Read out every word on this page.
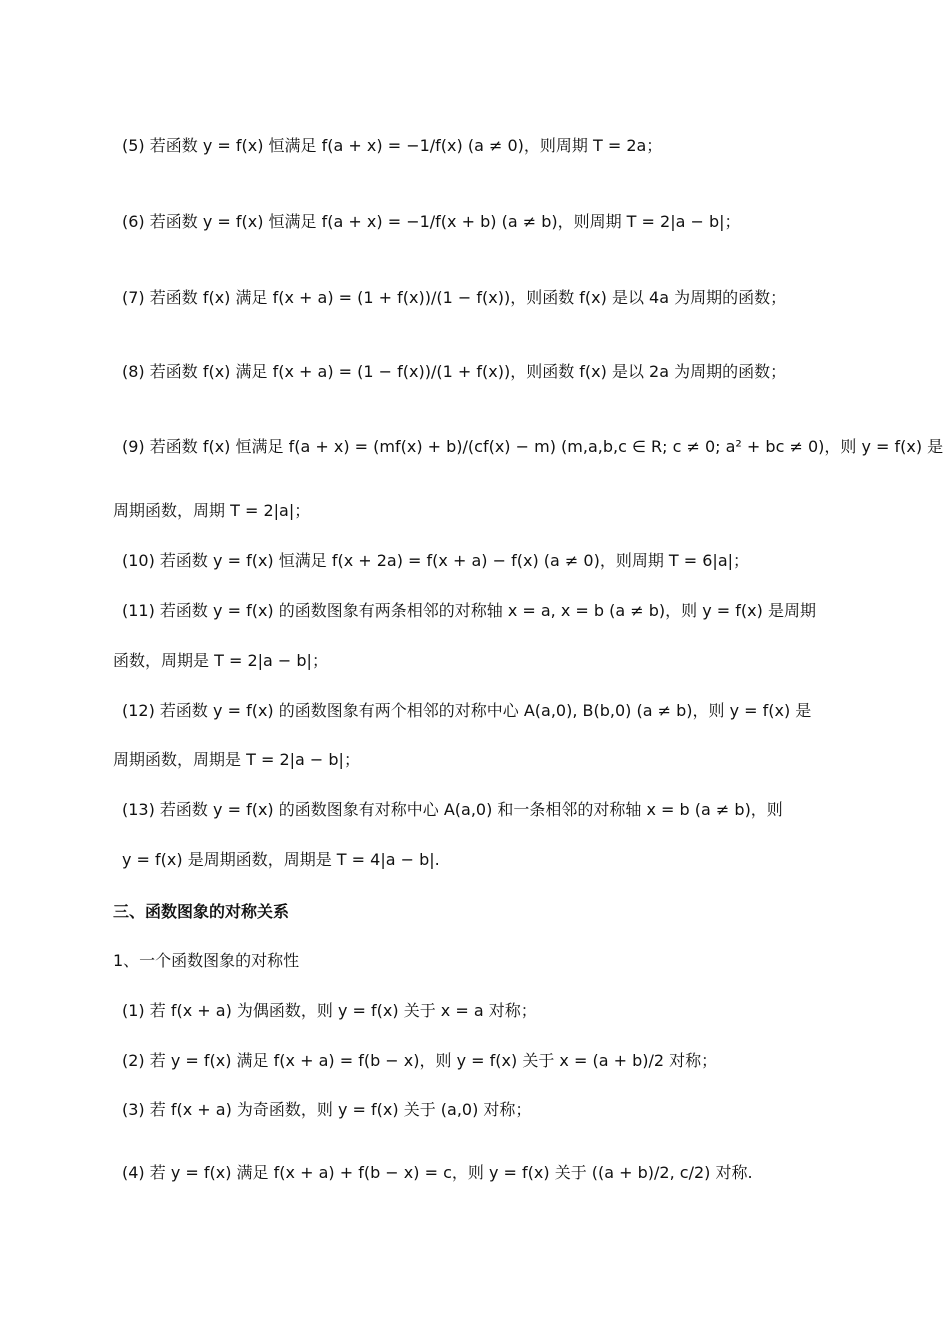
(5) 若函数 y = f(x) 恒满足 f(a + x) = −1/f(x) (a ≠ 0)，则周期 T = 2a；
(6) 若函数 y = f(x) 恒满足 f(a + x) = −1/f(x + b) (a ≠ b)，则周期 T = 2|a − b|；
(7) 若函数 f(x) 满足 f(x + a) = (1 + f(x))/(1 − f(x))，则函数 f(x) 是以 4a 为周期的函数；
(8) 若函数 f(x) 满足 f(x + a) = (1 − f(x))/(1 + f(x))，则函数 f(x) 是以 2a 为周期的函数；
(9) 若函数 f(x) 恒满足 f(a + x) = (mf(x) + b)/(cf(x) − m) (m,a,b,c ∈ R; c ≠ 0; a² + bc ≠ 0)，则 y = f(x) 是
周期函数，周期 T = 2|a|；
(10) 若函数 y = f(x) 恒满足 f(x + 2a) = f(x + a) − f(x) (a ≠ 0)，则周期 T = 6|a|；
(11) 若函数 y = f(x) 的函数图象有两条相邻的对称轴 x = a, x = b (a ≠ b)，则 y = f(x) 是周期
函数，周期是 T = 2|a − b|；
(12) 若函数 y = f(x) 的函数图象有两个相邻的对称中心 A(a,0), B(b,0) (a ≠ b)，则 y = f(x) 是
周期函数，周期是 T = 2|a − b|；
(13) 若函数 y = f(x) 的函数图象有对称中心 A(a,0) 和一条相邻的对称轴 x = b (a ≠ b)，则
y = f(x) 是周期函数，周期是 T = 4|a − b|.
三、函数图象的对称关系
1、一个函数图象的对称性
(1) 若 f(x + a) 为偶函数，则 y = f(x) 关于 x = a 对称；
(2) 若 y = f(x) 满足 f(x + a) = f(b − x)，则 y = f(x) 关于 x = (a + b)/2 对称；
(3) 若 f(x + a) 为奇函数，则 y = f(x) 关于 (a,0) 对称；
(4) 若 y = f(x) 满足 f(x + a) + f(b − x) = c，则 y = f(x) 关于 ((a + b)/2, c/2) 对称.
